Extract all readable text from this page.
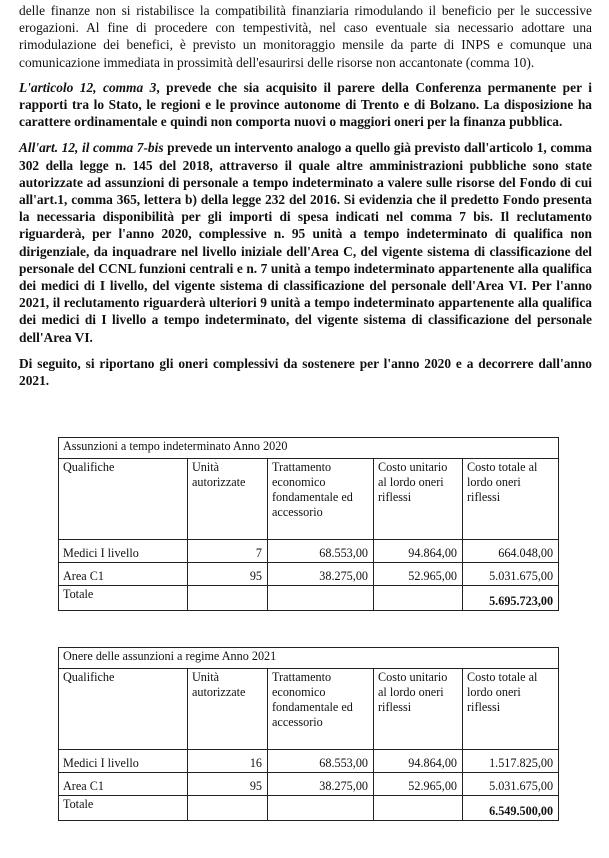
delle finanze non si ristabilisce la compatibilità finanziaria rimodulando il beneficio per le successive erogazioni. Al fine di procedere con tempestività, nel caso eventuale sia necessario adottare una rimodulazione dei benefici, è previsto un monitoraggio mensile da parte di INPS e comunque una comunicazione immediata in prossimità dell'esaurirsi delle risorse non accantonate (comma 10).

L'articolo 12, comma 3, prevede che sia acquisito il parere della Conferenza permanente per i rapporti tra lo Stato, le regioni e le province autonome di Trento e di Bolzano. La disposizione ha carattere ordinamentale e quindi non comporta nuovi o maggiori oneri per la finanza pubblica.

All'art. 12, il comma 7-bis prevede un intervento analogo a quello già previsto dall'articolo 1, comma 302 della legge n. 145 del 2018, attraverso il quale altre amministrazioni pubbliche sono state autorizzate ad assunzioni di personale a tempo indeterminato a valere sulle risorse del Fondo di cui all'art.1, comma 365, lettera b) della legge 232 del 2016. Si evidenzia che il predetto Fondo presenta la necessaria disponibilità per gli importi di spesa indicati nel comma 7 bis. Il reclutamento riguarderà, per l'anno 2020, complessive n. 95 unità a tempo indeterminato di qualifica non dirigenziale, da inquadrare nel livello iniziale dell'Area C, del vigente sistema di classificazione del personale del CCNL funzioni centrali e n. 7 unità a tempo indeterminato appartenente alla qualifica dei medici di I livello, del vigente sistema di classificazione del personale dell'Area VI. Per l'anno 2021, il reclutamento riguarderà ulteriori 9 unità a tempo indeterminato appartenente alla qualifica dei medici di I livello a tempo indeterminato, del vigente sistema di classificazione del personale dell'Area VI.

Di seguito, si riportano gli oneri complessivi da sostenere per l'anno 2020 e a decorrere dall'anno 2021.

Assunzioni a tempo indeterminato Anno 2020				
Qualifiche	Unità autorizzate	Trattamento economico fondamentale ed accessorio	Costo unitario al lordo oneri riflessi	Costo totale al lordo oneri riflessi
Medici I livello	7	68.553,00	94.864,00	664.048,00
Area C1	95	38.275,00	52.965,00	5.031.675,00
Totale				5.695.723,00
Onere delle assunzioni a regime Anno 2021				
Qualifiche	Unità autorizzate	Trattamento economico fondamentale ed accessorio	Costo unitario al lordo oneri riflessi	Costo totale al lordo oneri riflessi
Medici I livello	16	68.553,00	94.864,00	1.517.825,00
Area C1	95	38.275,00	52.965,00	5.031.675,00
Totale				6.549.500,00
